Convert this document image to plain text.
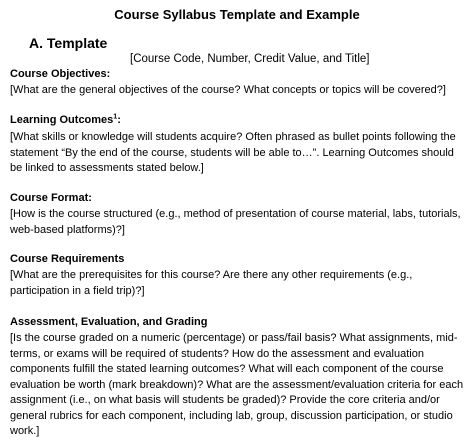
Course Syllabus Template and Example
A. Template
[Course Code, Number, Credit Value, and Title]
Course Objectives:
[What are the general objectives of the course? What concepts or topics will be covered?]
Learning Outcomes$^1$:
[What skills or knowledge will students acquire? Often phrased as bullet points following the statement “By the end of the course, students will be able to…”. Learning Outcomes should be linked to assessments stated below.]
Course Format:
[How is the course structured (e.g., method of presentation of course material, labs, tutorials, web-based platforms)?]
Course Requirements
[What are the prerequisites for this course? Are there any other requirements (e.g., participation in a field trip)?]
Assessment, Evaluation, and Grading
[Is the course graded on a numeric (percentage) or pass/fail basis? What assignments, mid-terms, or exams will be required of students? How do the assessment and evaluation components fulfill the stated learning outcomes? What will each component of the course evaluation be worth (mark breakdown)? What are the assessment/evaluation criteria for each assignment (i.e., on what basis will students be graded)? Provide the core criteria and/or general rubrics for each component, including lab, group, discussion participation, or studio work.]
